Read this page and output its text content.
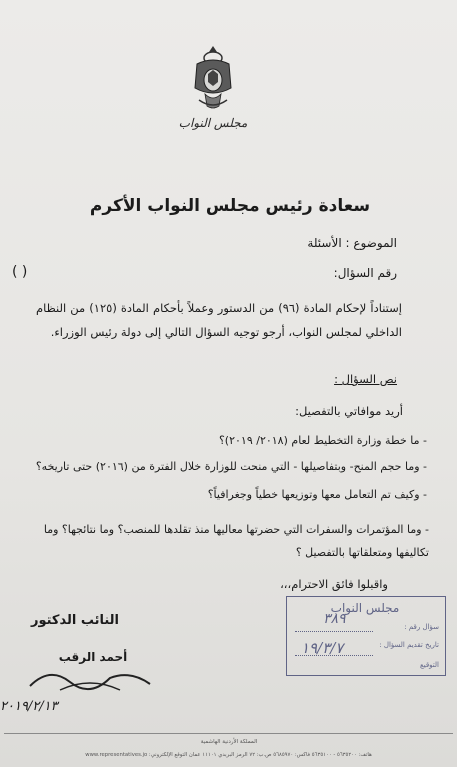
مجلس النواب
سعادة رئيس مجلس النواب الأكرم
الموضوع : الأسئلة
رقم السؤال:
( )
إستناداً لإحكام المادة (٩٦) من الدستور وعملاً بأحكام المادة (١٢٥) من النظام الداخلي لمجلس النواب، أرجو توجيه السؤال التالي إلى دولة رئيس الوزراء.
نص السؤال :
أريد موافاتي بالتفصيل:
- ما خطة وزارة التخطيط لعام (٢٠١٨/ ٢٠١٩)؟
- وما حجم المنح- وبتفاصيلها - التي منحت للوزارة خلال الفترة من (٢٠١٦) حتى تاريخه؟
- وكيف تم التعامل معها وتوزيعها خطياً وجغرافياً؟
- وما المؤتمرات والسفرات التي حضرتها معاليها منذ تقلدها للمنصب؟ وما نتائجها؟ وما تكاليفها ومتعلقاتها بالتفصيل ؟
واقبلوا فائق الاحترام،،،
النائب الدكتور
أحمد الرقب
٢٠١٩/٢/١٣
مجلس النواب
سؤال رقم :
٣٨٩
تاريخ تقديم السؤال :
١٩/٣/٧
التوقيع
المملكة الأردنية الهاشمية
هاتف: ٥٦٣٥٢٠٠ - ٥٦٣٥١٠٠ فاكس: ٥٦٨٥٩٧٠ ص.ب: ٧٢ الرمز البريدي ١١١٠١ عمان التوقع الإلكتروني: www.representatives.jo
